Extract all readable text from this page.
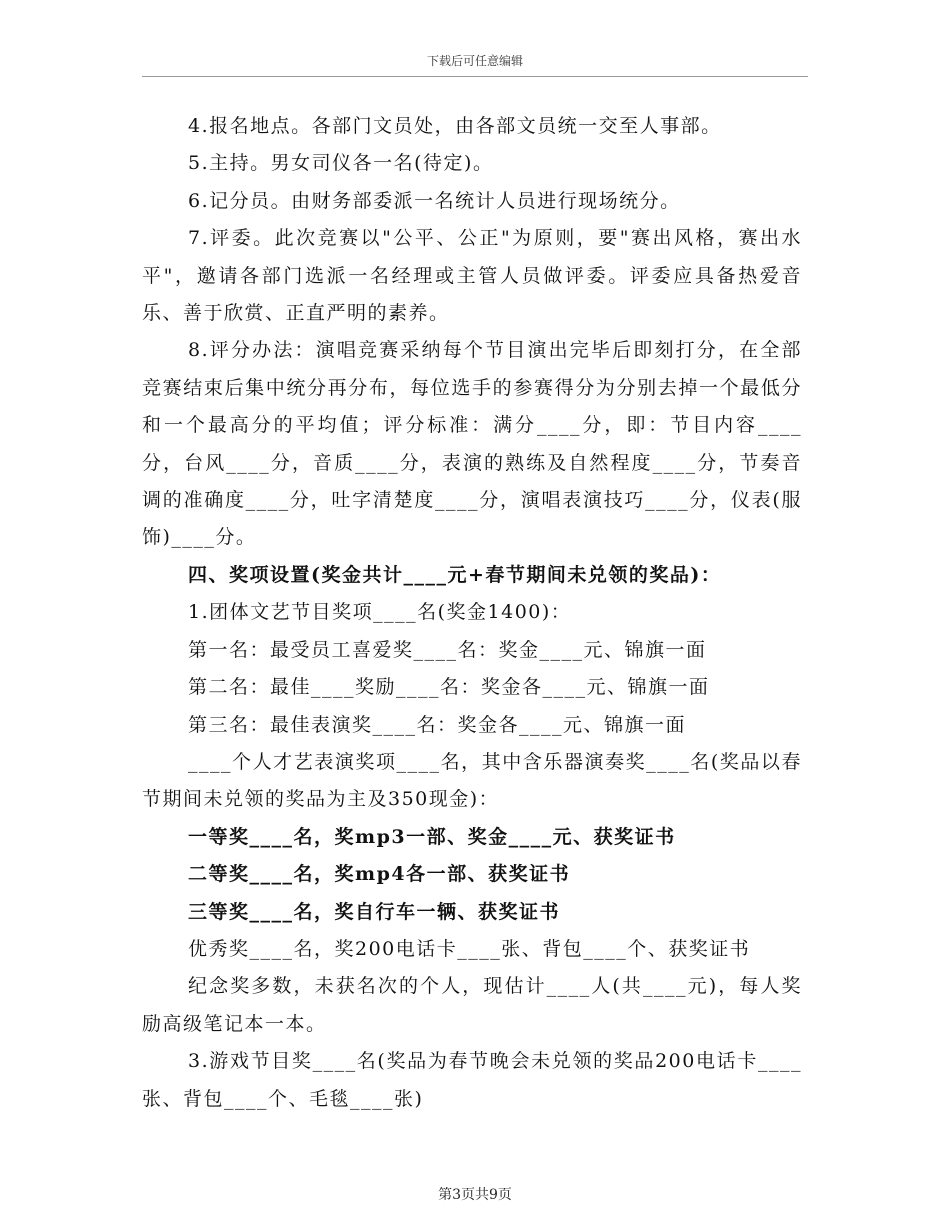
下载后可任意编辑

4.报名地点。各部门文员处，由各部文员统一交至人事部。

5.主持。男女司仪各一名(待定)。

6.记分员。由财务部委派一名统计人员进行现场统分。

7.评委。此次竞赛以"公平、公正"为原则，要"赛出风格，赛出水平"，邀请各部门选派一名经理或主管人员做评委。评委应具备热爱音乐、善于欣赏、正直严明的素养。

8.评分办法：演唱竞赛采纳每个节目演出完毕后即刻打分，在全部竞赛结束后集中统分再分布，每位选手的参赛得分为分别去掉一个最低分和一个最高分的平均值；评分标准：满分____分，即：节目内容____分，台风____分，音质____分，表演的熟练及自然程度____分，节奏音调的准确度____分，吐字清楚度____分，演唱表演技巧____分，仪表(服饰)____分。

四、奖项设置(奖金共计____元+春节期间未兑领的奖品)：

1.团体文艺节目奖项____名(奖金1400)：

第一名：最受员工喜爱奖____名：奖金____元、锦旗一面

第二名：最佳____奖励____名：奖金各____元、锦旗一面

第三名：最佳表演奖____名：奖金各____元、锦旗一面

____个人才艺表演奖项____名，其中含乐器演奏奖____名(奖品以春节期间未兑领的奖品为主及350现金)：

一等奖____名，奖mp3一部、奖金____元、获奖证书

二等奖____名，奖mp4各一部、获奖证书

三等奖____名，奖自行车一辆、获奖证书

优秀奖____名，奖200电话卡____张、背包____个、获奖证书

纪念奖多数，未获名次的个人，现估计____人(共____元)，每人奖励高级笔记本一本。

3.游戏节目奖____名(奖品为春节晚会未兑领的奖品200电话卡____张、背包____个、毛毯____张)

第3页共9页
